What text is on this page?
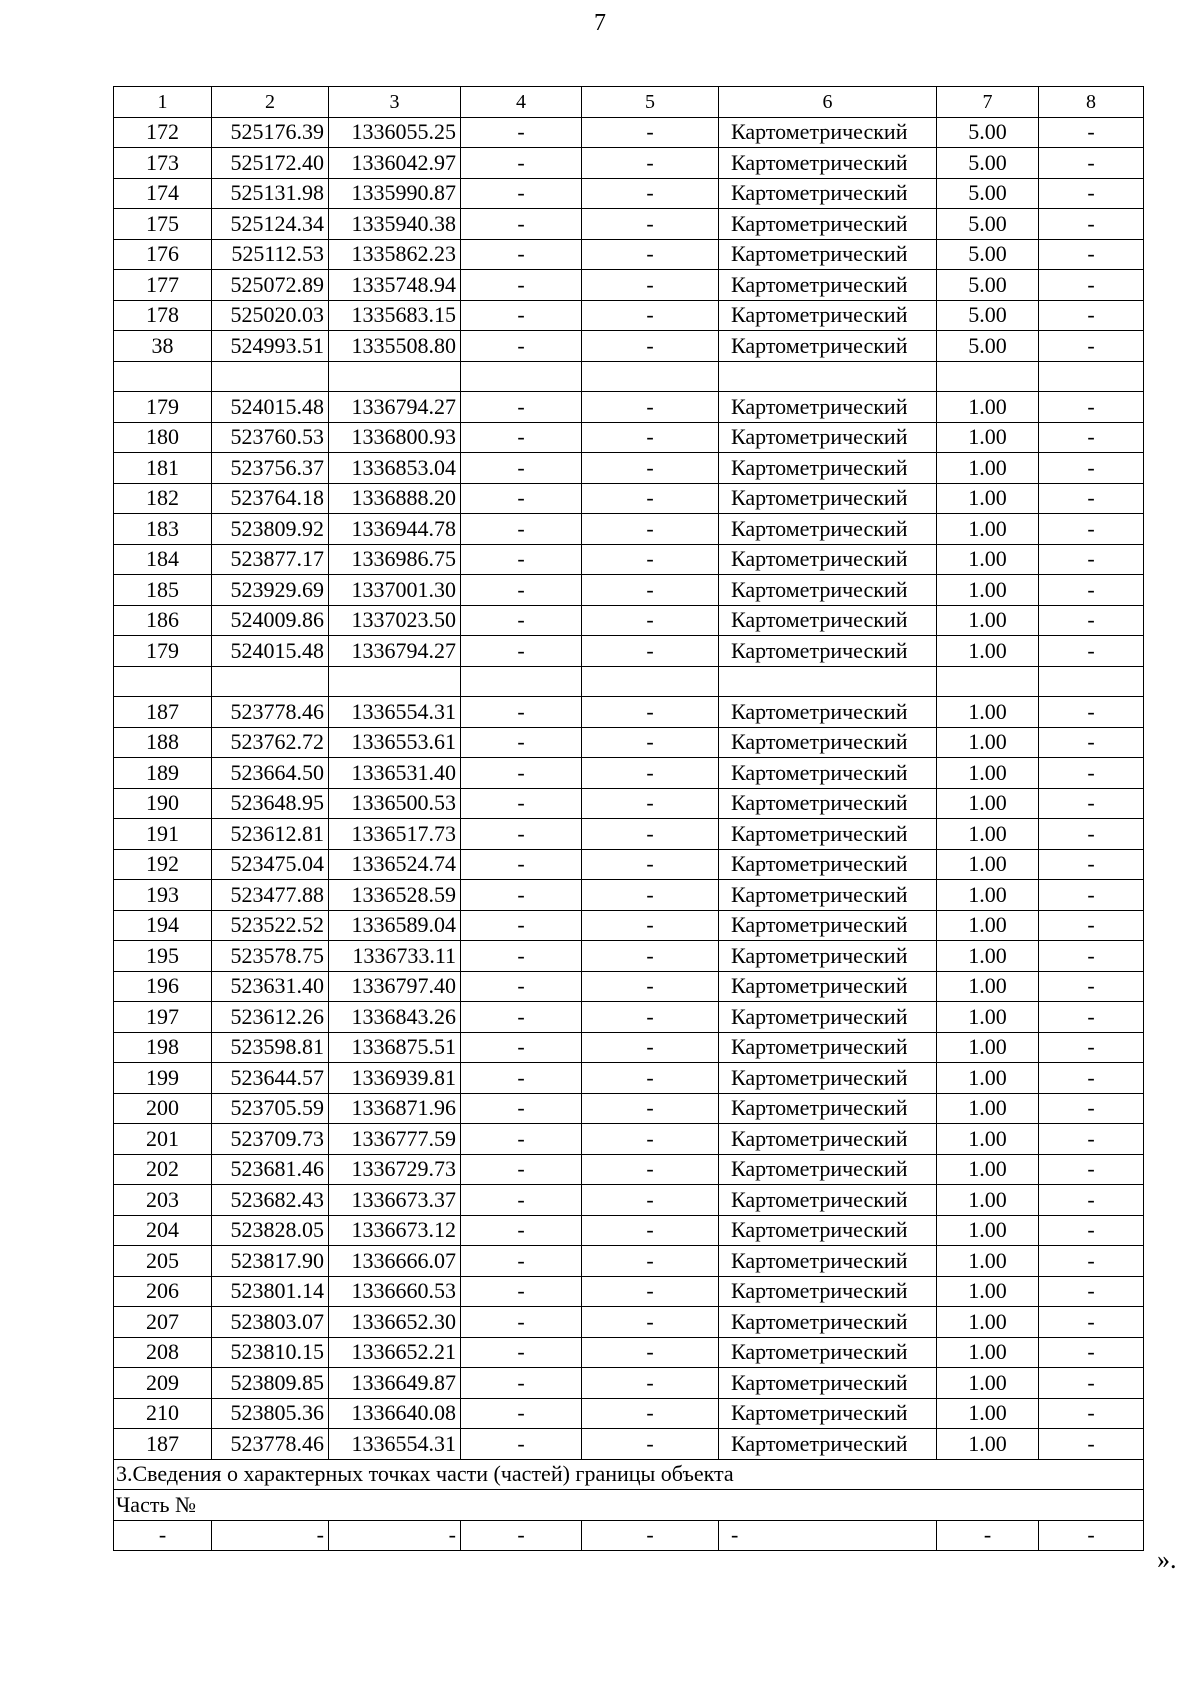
7
1	2	3	4	5	6	7	8
172	525176.39	1336055.25	-	-	Картометрический	5.00	-
173	525172.40	1336042.97	-	-	Картометрический	5.00	-
174	525131.98	1335990.87	-	-	Картометрический	5.00	-
175	525124.34	1335940.38	-	-	Картометрический	5.00	-
176	525112.53	1335862.23	-	-	Картометрический	5.00	-
177	525072.89	1335748.94	-	-	Картометрический	5.00	-
178	525020.03	1335683.15	-	-	Картометрический	5.00	-
38	524993.51	1335508.80	-	-	Картометрический	5.00	-

179	524015.48	1336794.27	-	-	Картометрический	1.00	-
180	523760.53	1336800.93	-	-	Картометрический	1.00	-
181	523756.37	1336853.04	-	-	Картометрический	1.00	-
182	523764.18	1336888.20	-	-	Картометрический	1.00	-
183	523809.92	1336944.78	-	-	Картометрический	1.00	-
184	523877.17	1336986.75	-	-	Картометрический	1.00	-
185	523929.69	1337001.30	-	-	Картометрический	1.00	-
186	524009.86	1337023.50	-	-	Картометрический	1.00	-
179	524015.48	1336794.27	-	-	Картометрический	1.00	-

187	523778.46	1336554.31	-	-	Картометрический	1.00	-
188	523762.72	1336553.61	-	-	Картометрический	1.00	-
189	523664.50	1336531.40	-	-	Картометрический	1.00	-
190	523648.95	1336500.53	-	-	Картометрический	1.00	-
191	523612.81	1336517.73	-	-	Картометрический	1.00	-
192	523475.04	1336524.74	-	-	Картометрический	1.00	-
193	523477.88	1336528.59	-	-	Картометрический	1.00	-
194	523522.52	1336589.04	-	-	Картометрический	1.00	-
195	523578.75	1336733.11	-	-	Картометрический	1.00	-
196	523631.40	1336797.40	-	-	Картометрический	1.00	-
197	523612.26	1336843.26	-	-	Картометрический	1.00	-
198	523598.81	1336875.51	-	-	Картометрический	1.00	-
199	523644.57	1336939.81	-	-	Картометрический	1.00	-
200	523705.59	1336871.96	-	-	Картометрический	1.00	-
201	523709.73	1336777.59	-	-	Картометрический	1.00	-
202	523681.46	1336729.73	-	-	Картометрический	1.00	-
203	523682.43	1336673.37	-	-	Картометрический	1.00	-
204	523828.05	1336673.12	-	-	Картометрический	1.00	-
205	523817.90	1336666.07	-	-	Картометрический	1.00	-
206	523801.14	1336660.53	-	-	Картометрический	1.00	-
207	523803.07	1336652.30	-	-	Картометрический	1.00	-
208	523810.15	1336652.21	-	-	Картометрический	1.00	-
209	523809.85	1336649.87	-	-	Картометрический	1.00	-
210	523805.36	1336640.08	-	-	Картометрический	1.00	-
187	523778.46	1336554.31	-	-	Картометрический	1.00	-
3.Сведения о характерных точках части (частей) границы объекта							
Часть №							
-	-	-	-	-	-	-	-
».
